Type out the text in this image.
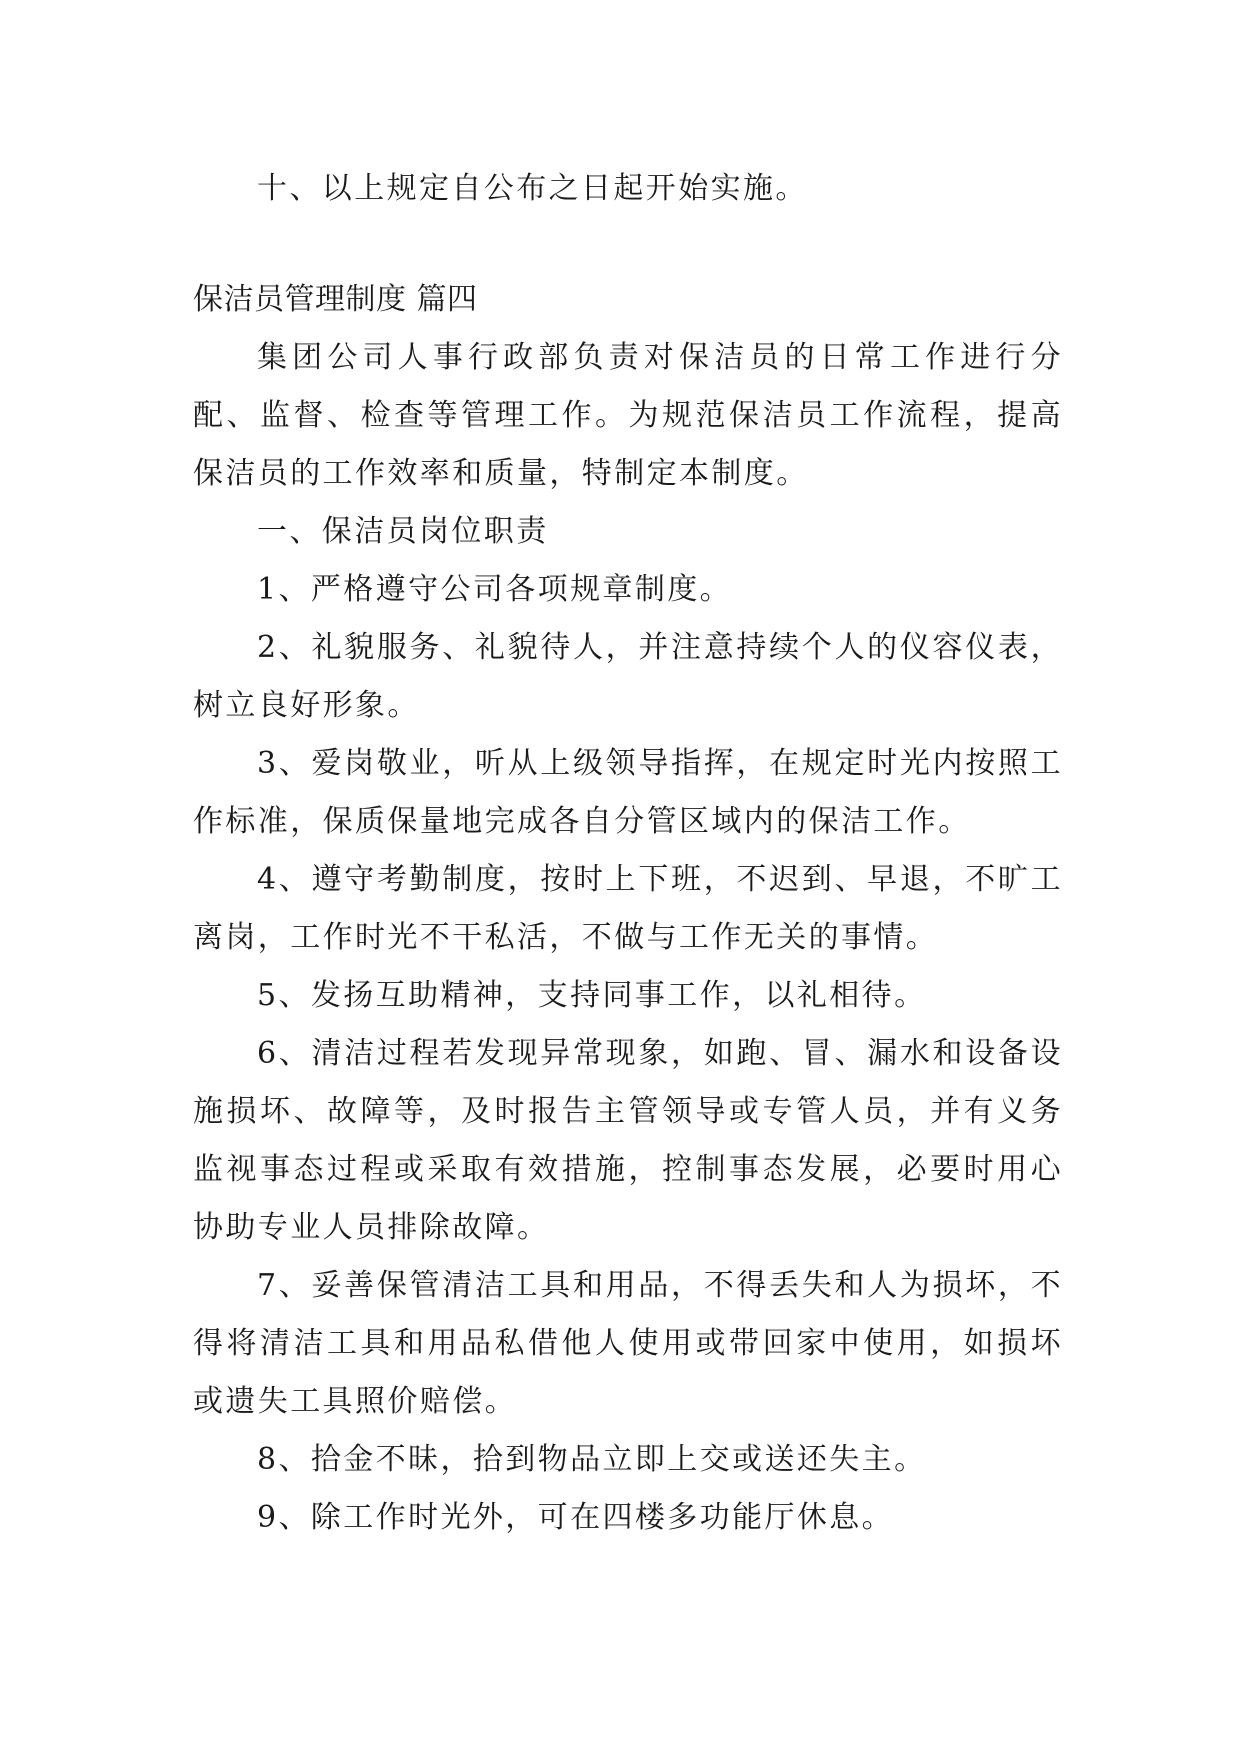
十、以上规定自公布之日起开始实施。

保洁员管理制度 篇四

集团公司人事行政部负责对保洁员的日常工作进行分配、监督、检查等管理工作。为规范保洁员工作流程，提高保洁员的工作效率和质量，特制定本制度。

一、保洁员岗位职责

1、严格遵守公司各项规章制度。

2、礼貌服务、礼貌待人，并注意持续个人的仪容仪表，树立良好形象。

3、爱岗敬业，听从上级领导指挥，在规定时光内按照工作标准，保质保量地完成各自分管区域内的保洁工作。

4、遵守考勤制度，按时上下班，不迟到、早退，不旷工离岗，工作时光不干私活，不做与工作无关的事情。

5、发扬互助精神，支持同事工作，以礼相待。

6、清洁过程若发现异常现象，如跑、冒、漏水和设备设施损坏、故障等，及时报告主管领导或专管人员，并有义务监视事态过程或采取有效措施，控制事态发展，必要时用心协助专业人员排除故障。

7、妥善保管清洁工具和用品，不得丢失和人为损坏，不得将清洁工具和用品私借他人使用或带回家中使用，如损坏或遗失工具照价赔偿。

8、拾金不昧，拾到物品立即上交或送还失主。

9、除工作时光外，可在四楼多功能厅休息。
